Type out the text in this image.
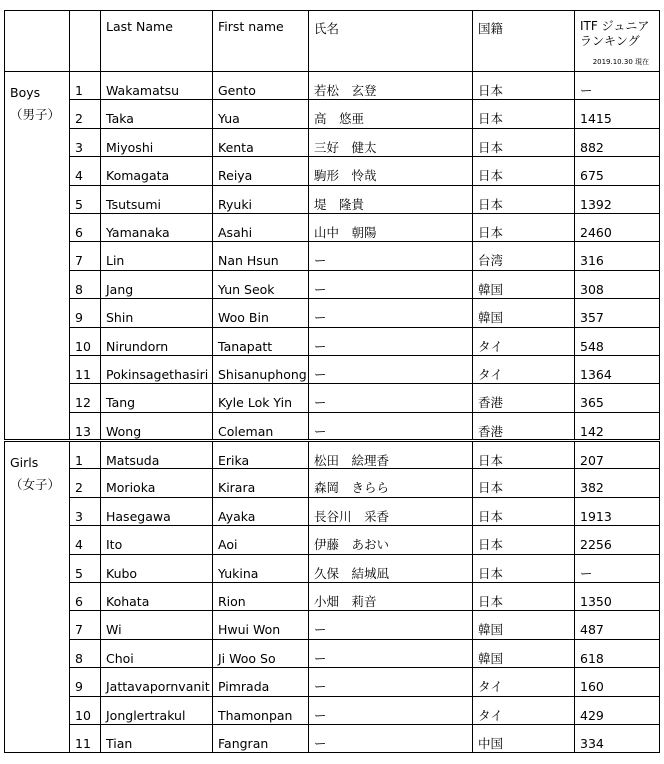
		Last Name	First name	氏名	国籍	ITF ジュニア
ランキング
2019.10.30 現在

Boys
（男子）	1	Wakamatsu	Gento	若松　玄登	日本	ー
	2	Taka	Yua	高　悠亜	日本	1415
	3	Miyoshi	Kenta	三好　健太	日本	882
	4	Komagata	Reiya	駒形　怜哉	日本	675
	5	Tsutsumi	Ryuki	堤　隆貴	日本	1392
	6	Yamanaka	Asahi	山中　朝陽	日本	2460
	7	Lin	Nan Hsun	ー	台湾	316
	8	Jang	Yun Seok	ー	韓国	308
	9	Shin	Woo Bin	ー	韓国	357
	10	Nirundorn	Tanapatt	ー	タイ	548
	11	Pokinsagethasiri	Shisanuphong	ー	タイ	1364
	12	Tang	Kyle Lok Yin	ー	香港	365
	13	Wong	Coleman	ー	香港	142
Girls
（女子）	1	Matsuda	Erika	松田　絵理香	日本	207
	2	Morioka	Kirara	森岡　きらら	日本	382
	3	Hasegawa	Ayaka	長谷川　采香	日本	1913
	4	Ito	Aoi	伊藤　あおい	日本	2256
	5	Kubo	Yukina	久保　結城凪	日本	ー
	6	Kohata	Rion	小畑　莉音	日本	1350
	7	Wi	Hwui Won	ー	韓国	487
	8	Choi	Ji Woo So	ー	韓国	618
	9	Jattavapornvanit	Pimrada	ー	タイ	160
	10	Jonglertrakul	Thamonpan	ー	タイ	429
	11	Tian	Fangran	ー	中国	334
